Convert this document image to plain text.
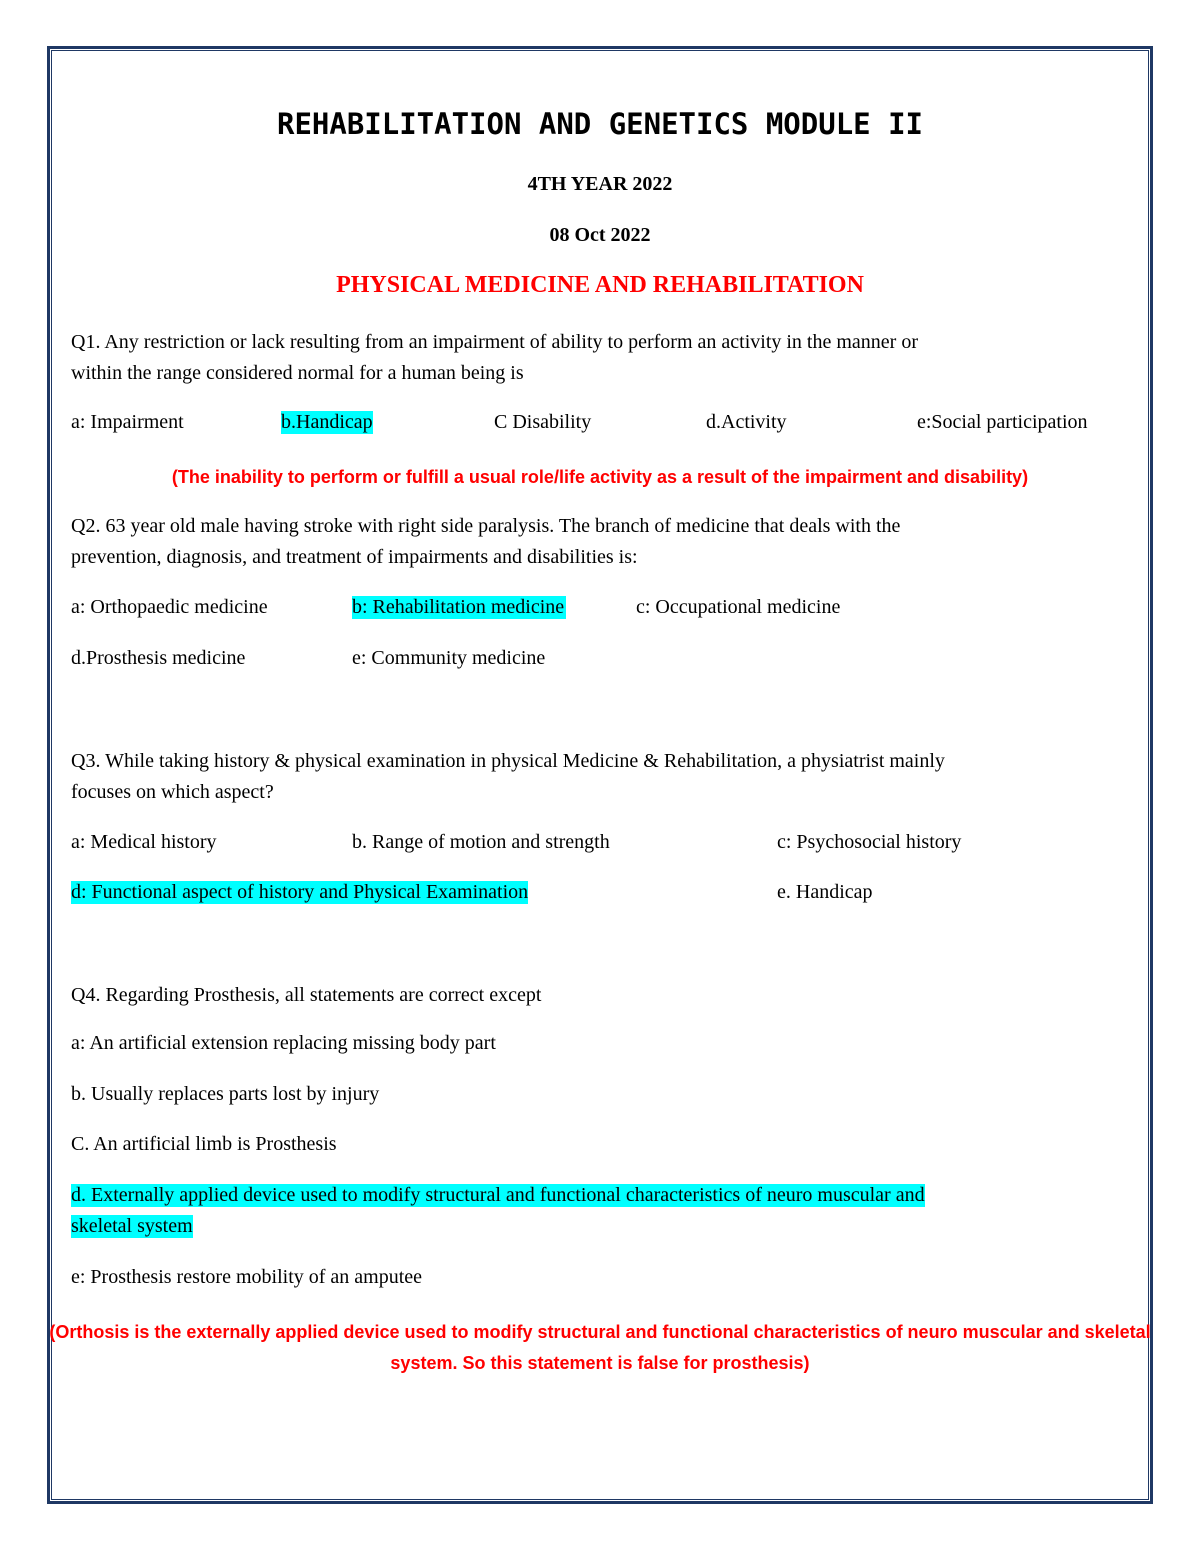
REHABILITATION AND GENETICS MODULE II
4TH YEAR 2022
08 Oct 2022
PHYSICAL MEDICINE AND REHABILITATION
Q1. Any restriction or lack resulting from an impairment of ability to perform an activity in the manner or
within the range considered normal for a human being is
a: Impairment	b.Handicap	C Disability	d.Activity	e:Social participation
(The inability to perform or fulfill a usual role/life activity as a result of the impairment and disability)
Q2. 63 year old male having stroke with right side paralysis. The branch of medicine that deals with the
prevention, diagnosis, and treatment of impairments and disabilities is:
a: Orthopaedic medicine	b: Rehabilitation medicine	c: Occupational medicine
d.Prosthesis medicine	e: Community medicine
Q3. While taking history & physical examination in physical Medicine & Rehabilitation, a physiatrist mainly
focuses on which aspect?
a: Medical history	b. Range of motion and strength	c: Psychosocial history
d: Functional aspect of history and Physical Examination	e. Handicap
Q4. Regarding Prosthesis, all statements are correct except
a: An artificial extension replacing missing body part
b. Usually replaces parts lost by injury
C. An artificial limb is Prosthesis
d. Externally applied device used to modify structural and functional characteristics of neuro muscular and
skeletal system
e: Prosthesis restore mobility of an amputee
(Orthosis is the externally applied device used to modify structural and functional characteristics of neuro muscular and skeletal
system. So this statement is false for prosthesis)
